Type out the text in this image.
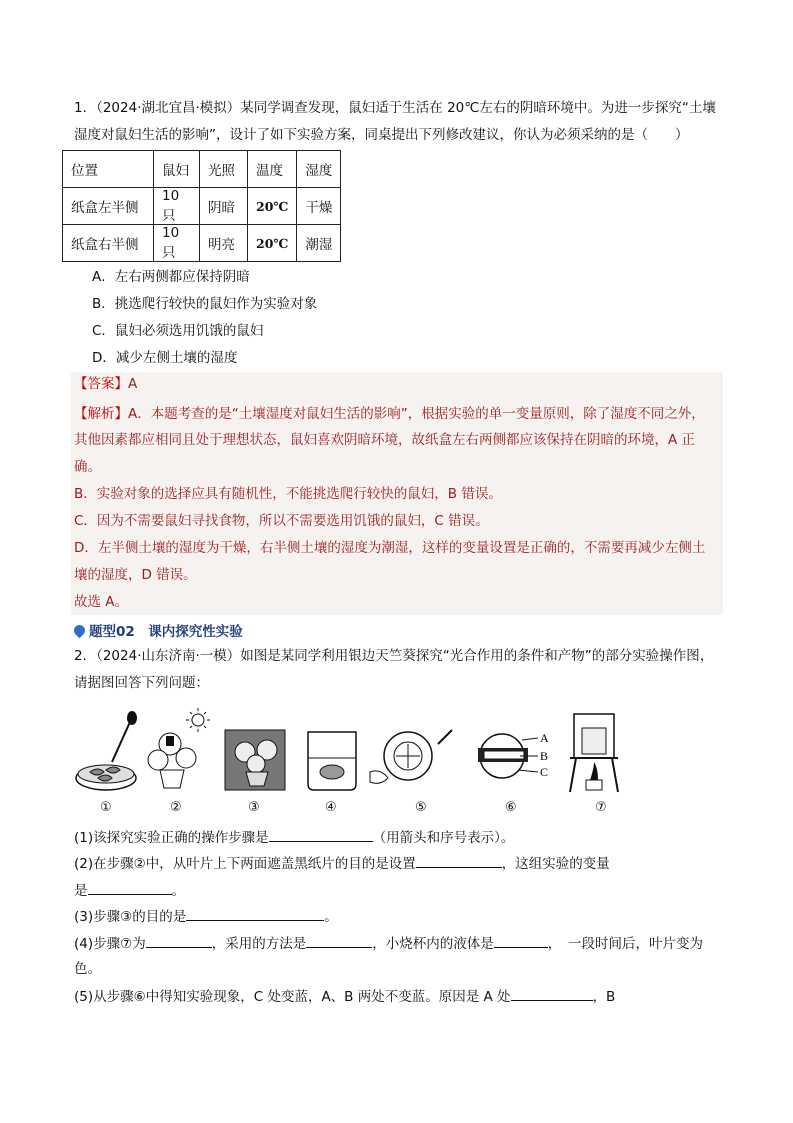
1．（2024·湖北宜昌·模拟）某同学调查发现，鼠妇适于生活在 20℃左右的阴暗环境中。为进一步探究“土壤
湿度对鼠妇生活的影响”，设计了如下实验方案，同桌提出下列修改建议，你认为必须采纳的是（　　）
位置	鼠妇	光照	温度	湿度
纸盒左半侧	10 只	阴暗	20℃	干燥
纸盒右半侧	10 只	明亮	20℃	潮湿
A．左右两侧都应保持阴暗
B．挑选爬行较快的鼠妇作为实验对象
C．鼠妇必须选用饥饿的鼠妇
D．减少左侧土壤的湿度
【答案】A
【解析】A．本题考查的是“土壤湿度对鼠妇生活的影响”，根据实验的单一变量原则，除了湿度不同之外，
其他因素都应相同且处于理想状态，鼠妇喜欢阴暗环境，故纸盒左右两侧都应该保持在阴暗的环境，A 正
确。
B．实验对象的选择应具有随机性，不能挑选爬行较快的鼠妇，B 错误。
C．因为不需要鼠妇寻找食物，所以不需要选用饥饿的鼠妇，C 错误。
D．左半侧土壤的湿度为干燥，右半侧土壤的湿度为潮湿，这样的变量设置是正确的，不需要再减少左侧土
壤的湿度，D 错误。
故选 A。
题型02　课内探究性实验
2．（2024·山东济南·一模）如图是某同学利用银边天竺葵探究“光合作用的条件和产物”的部分实验操作图，
请据图回答下列问题：
A
B
C
①	②	③	④	⑤	⑥	⑦
(1)该探究实验正确的操作步骤是	（用箭头和序号表示）。
(2)在步骤②中，从叶片上下两面遮盖黑纸片的目的是设置	，这组实验的变量
是	。
(3)步骤③的目的是	。
(4)步骤⑦为	，采用的方法是	，小烧杯内的液体是	，　一段时间后，叶片变为
色。
(5)从步骤⑥中得知实验现象，C 处变蓝，A、B 两处不变蓝。原因是 A 处	，B
